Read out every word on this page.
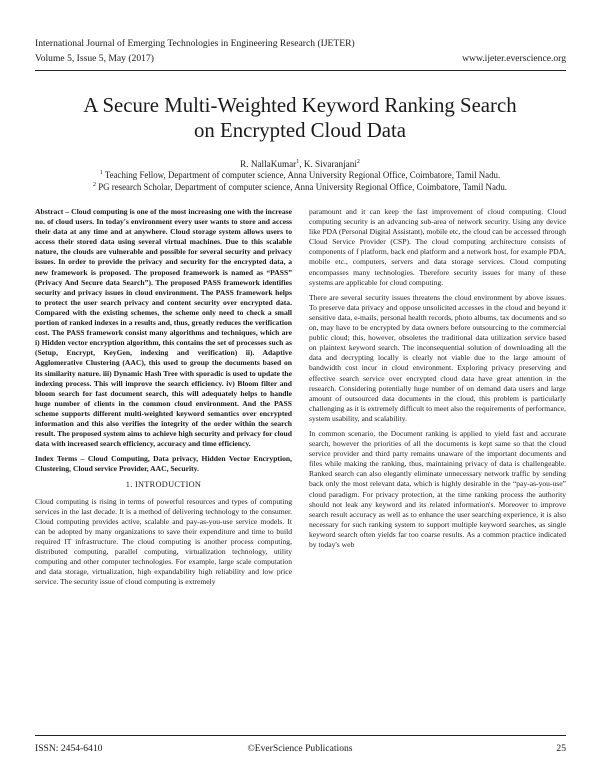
International Journal of Emerging Technologies in Engineering Research (IJETER)
Volume 5, Issue 5, May (2017)	www.ijeter.everscience.org
A Secure Multi-Weighted Keyword Ranking Search
on Encrypted Cloud Data
R. NallaKumar$^1$, K. Sivaranjani$^2$
$^1$ Teaching Fellow, Department of computer science, Anna University Regional Office, Coimbatore, Tamil Nadu.
$^2$ PG research Scholar, Department of computer science, Anna University Regional Office, Coimbatore, Tamil Nadu.

Abstract – Cloud computing is one of the most increasing one with the increase no. of cloud users. In today's environment every user wants to store and access their data at any time and at anywhere. Cloud storage system allows users to access their stored data using several virtual machines. Due to this scalable nature, the clouds are vulnerable and possible for several security and privacy issues. In order to provide the privacy and security for the encrypted data, a new framework is proposed. The proposed framework is named as “PASS” (Privacy And Secure data Search”). The proposed PASS framework identifies security and privacy issues in cloud environment. The PASS framework helps to protect the user search privacy and content security over encrypted data. Compared with the existing schemes, the scheme only need to check a small portion of ranked indexes in a results and, thus, greatly reduces the verification cost. The PASS framework consist many algorithms and techniques, which are i) Hidden vector encryption algorithm, this contains the set of processes such as (Setup, Encrypt, KeyGen, indexing and verification) ii). Adaptive Agglomerative Clustering (AAC), this used to group the documents based on its similarity nature. iii) Dynamic Hash Tree with sporadic is used to update the indexing process. This will improve the search efficiency. iv) Bloom filter and bloom search for fast document search, this will adequately helps to handle huge number of clients in the common cloud environment. And the PASS scheme supports different multi-weighted keyword semantics over encrypted information and this also verifies the integrity of the order within the search result. The proposed system aims to achieve high security and privacy for cloud data with increased search efficiency, accuracy and time efficiency.

Index Terms – Cloud Computing, Data privacy, Hidden Vector Encryption, Clustering, Cloud service Provider, AAC, Security.

1. INTRODUCTION

Cloud computing is rising in terms of powerful resources and types of computing services in the last decade. It is a method of delivering technology to the consumer. Cloud computing provides active, scalable and pay-as-you-use service models. It can be adopted by many organizations to save their expenditure and time to build required IT infrastructure. The cloud computing is another process computing, distributed computing, parallel computing, virtualization technology, utility computing and other computer technologies. For example, large scale computation and data storage, virtualization, high expandability high reliability and low price service. The security issue of cloud computing is extremely

paramount and it can keep the fast improvement of cloud computing. Cloud computing security is an advancing sub-area of network security. Using any device like PDA (Personal Digital Assistant), mobile etc, the cloud can be accessed through Cloud Service Provider (CSP). The cloud computing architecture consists of components of f platform, back end platform and a network host, for example PDA, mobile etc., computers, servers and data storage services. Cloud computing encompasses many technologies. Therefore security issues for many of these systems are applicable for cloud computing.

There are several security issues threatens the cloud environment by above issues. To preserve data privacy and oppose unsolicited accesses in the cloud and beyond it sensitive data, e-mails, personal health records, photo albums, tax documents and so on, may have to be encrypted by data owners before outsourcing to the commercial public cloud; this, however, obsoletes the traditional data utilization service based on plaintext keyword search. The inconsequential solution of downloading all the data and decrypting locally is clearly not viable due to the large amount of bandwidth cost incur in cloud environment. Exploring privacy preserving and effective search service over encrypted cloud data have great attention in the research. Considering potentially huge number of on demand data users and large amount of outsourced data documents in the cloud, this problem is particularly challenging as it is extremely difficult to meet also the requirements of performance, system usability, and scalability.

In common scenario, the Document ranking is applied to yield fast and accurate search, however the priorities of all the documents is kept same so that the cloud service provider and third party remains unaware of the important documents and files while making the ranking, thus, maintaining privacy of data is challengeable. Ranked search can also elegantly eliminate unnecessary network traffic by sending back only the most relevant data, which is highly desirable in the “pay-as-you-use” cloud paradigm. For privacy protection, at the time ranking process the authority should not leak any keyword and its related information's. Moreover to improve search result accuracy as well as to enhance the user searching experience, it is also necessary for such ranking system to support multiple keyword searches, as single keyword search often yields far too coarse results. As a common practice indicated by today's web

ISSN: 2454-6410	©EverScience Publications	25
